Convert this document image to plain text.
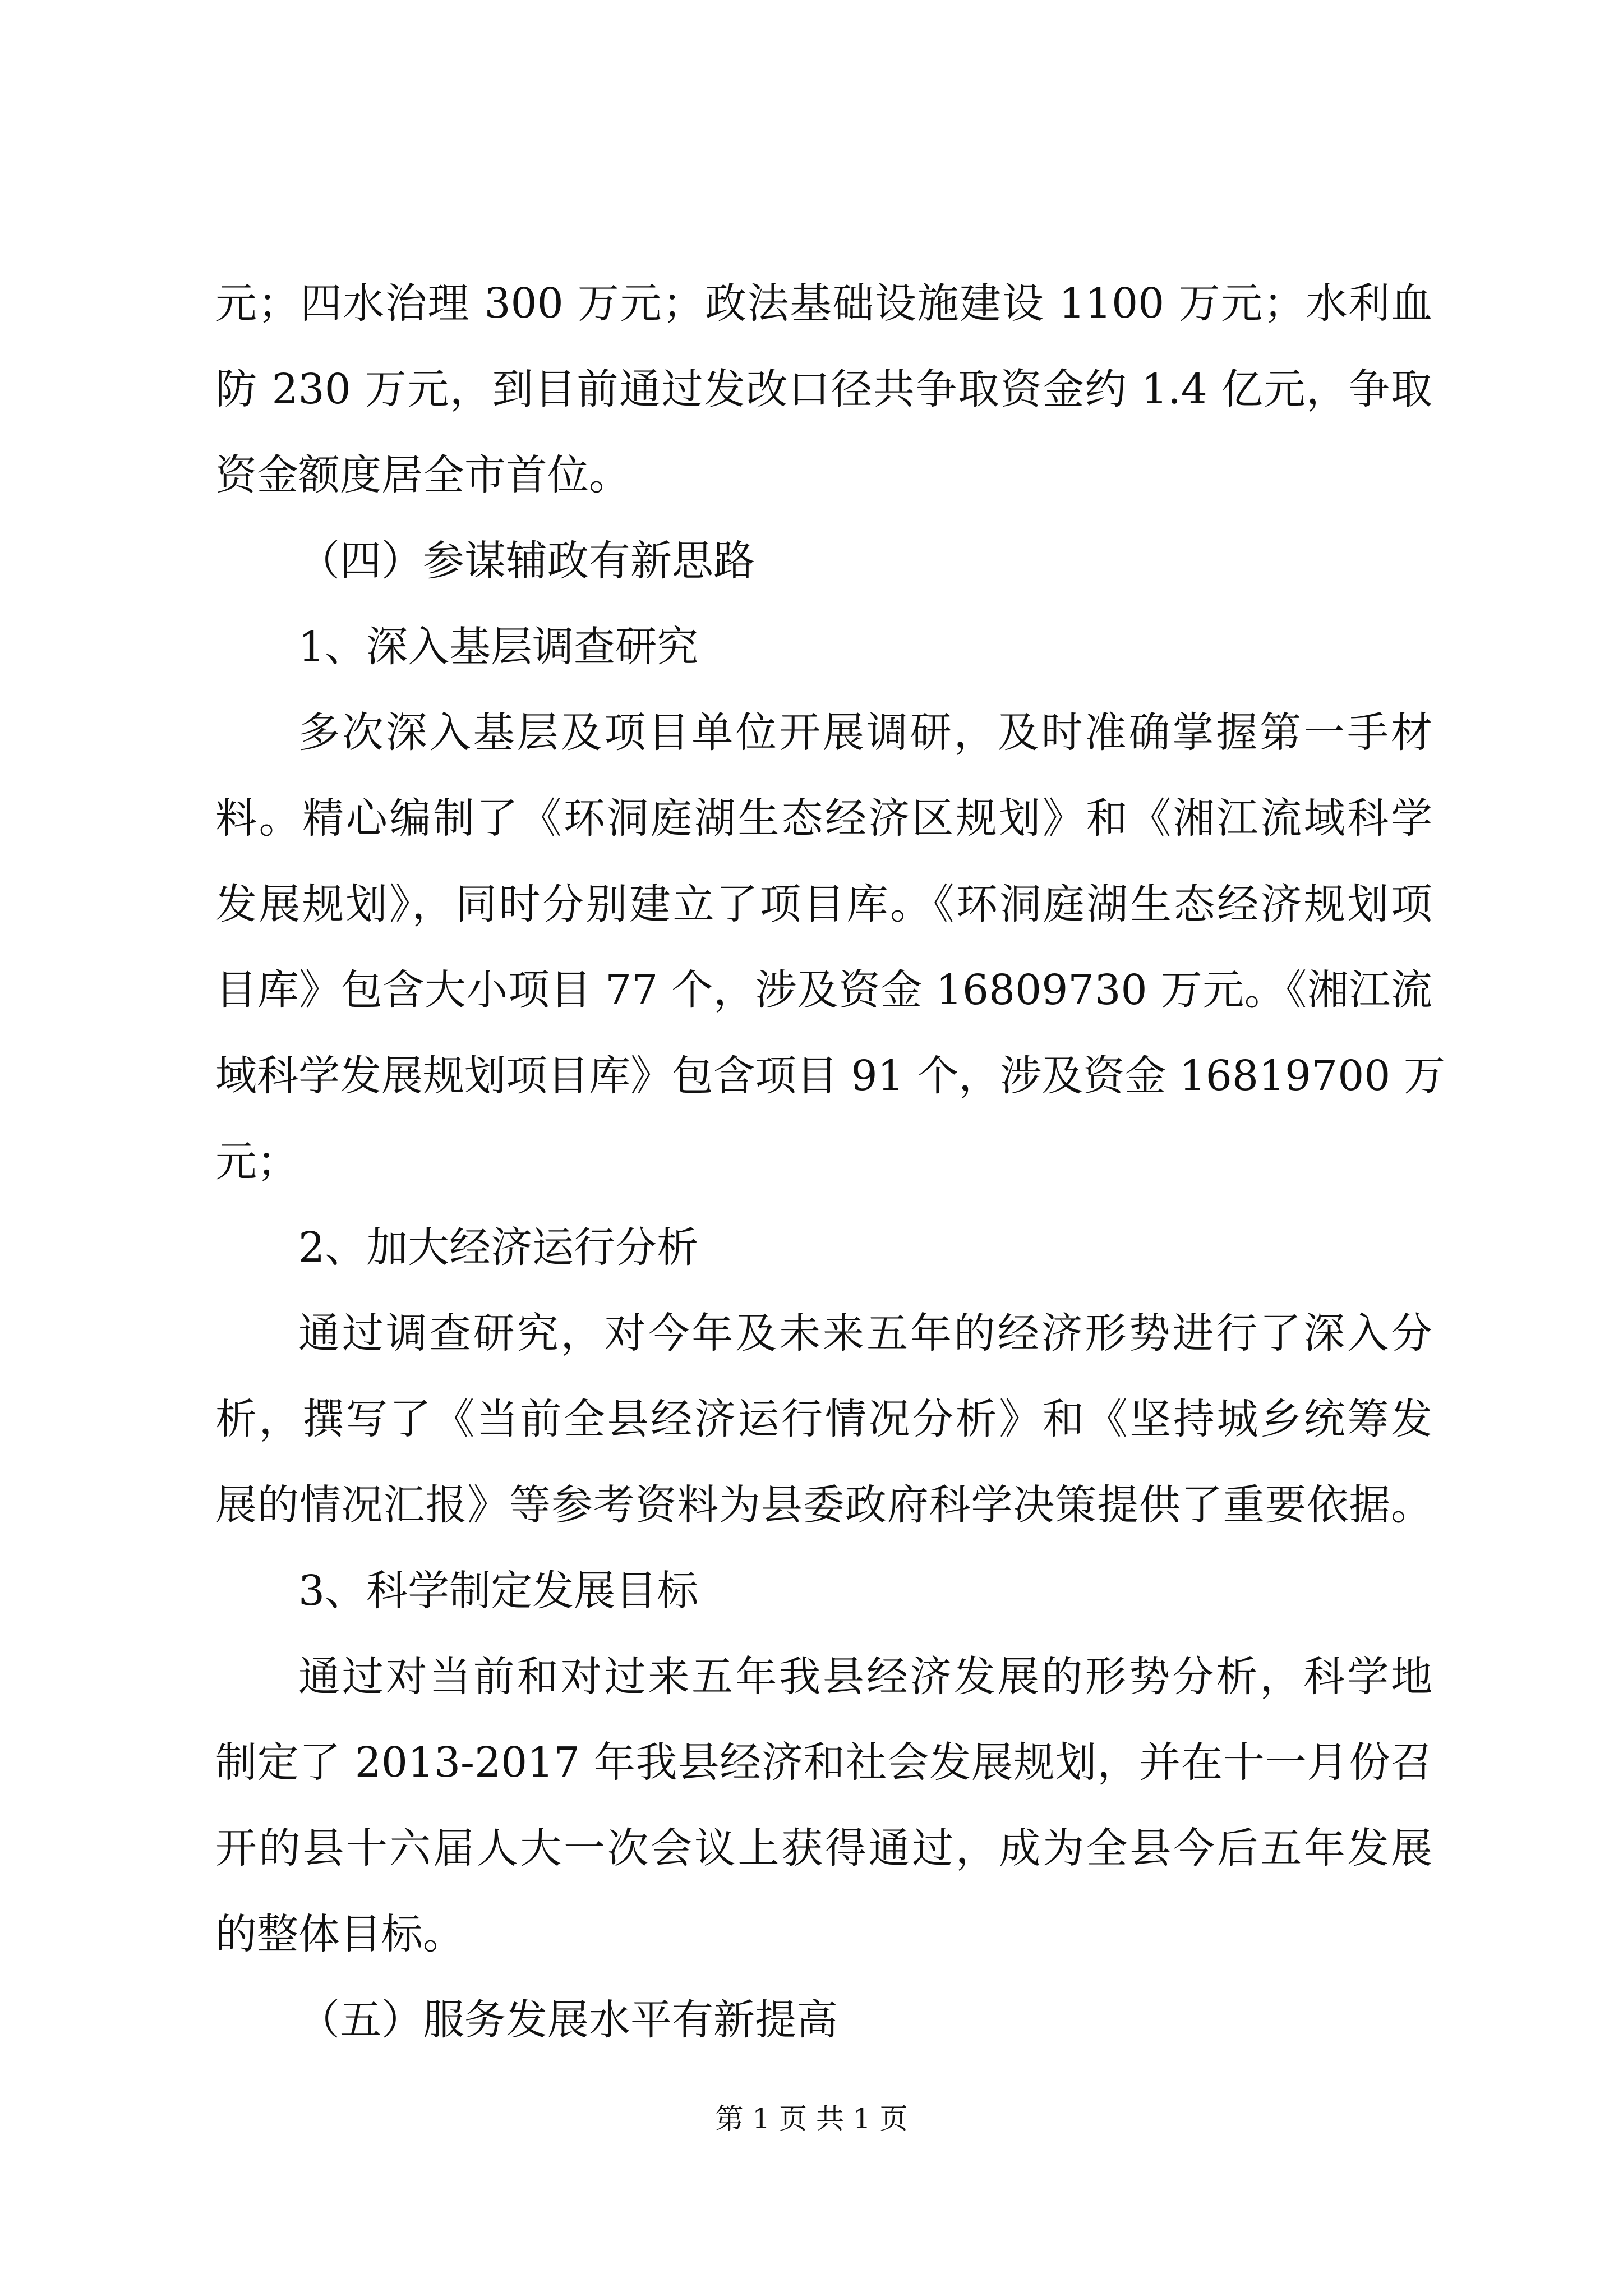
元；四水治理 300 万元；政法基础设施建设 1100 万元；水利血
防 230 万元，到目前通过发改口径共争取资金约 1.4 亿元，争取
资金额度居全市首位。
（四）参谋辅政有新思路
1、深入基层调查研究
多次深入基层及项目单位开展调研，及时准确掌握第一手材
料。精心编制了《环洞庭湖生态经济区规划》和《湘江流域科学
发展规划》，同时分别建立了项目库。《环洞庭湖生态经济规划项
目库》包含大小项目 77 个，涉及资金 16809730 万元。《湘江流
域科学发展规划项目库》包含项目 91 个，涉及资金 16819700 万
元；
2、加大经济运行分析
通过调查研究，对今年及未来五年的经济形势进行了深入分
析，撰写了《当前全县经济运行情况分析》和《坚持城乡统筹发
展的情况汇报》等参考资料为县委政府科学决策提供了重要依据。
3、科学制定发展目标
通过对当前和对过来五年我县经济发展的形势分析，科学地
制定了 2013-2017 年我县经济和社会发展规划，并在十一月份召
开的县十六届人大一次会议上获得通过，成为全县今后五年发展
的整体目标。
（五）服务发展水平有新提高
第 1 页 共 1 页
